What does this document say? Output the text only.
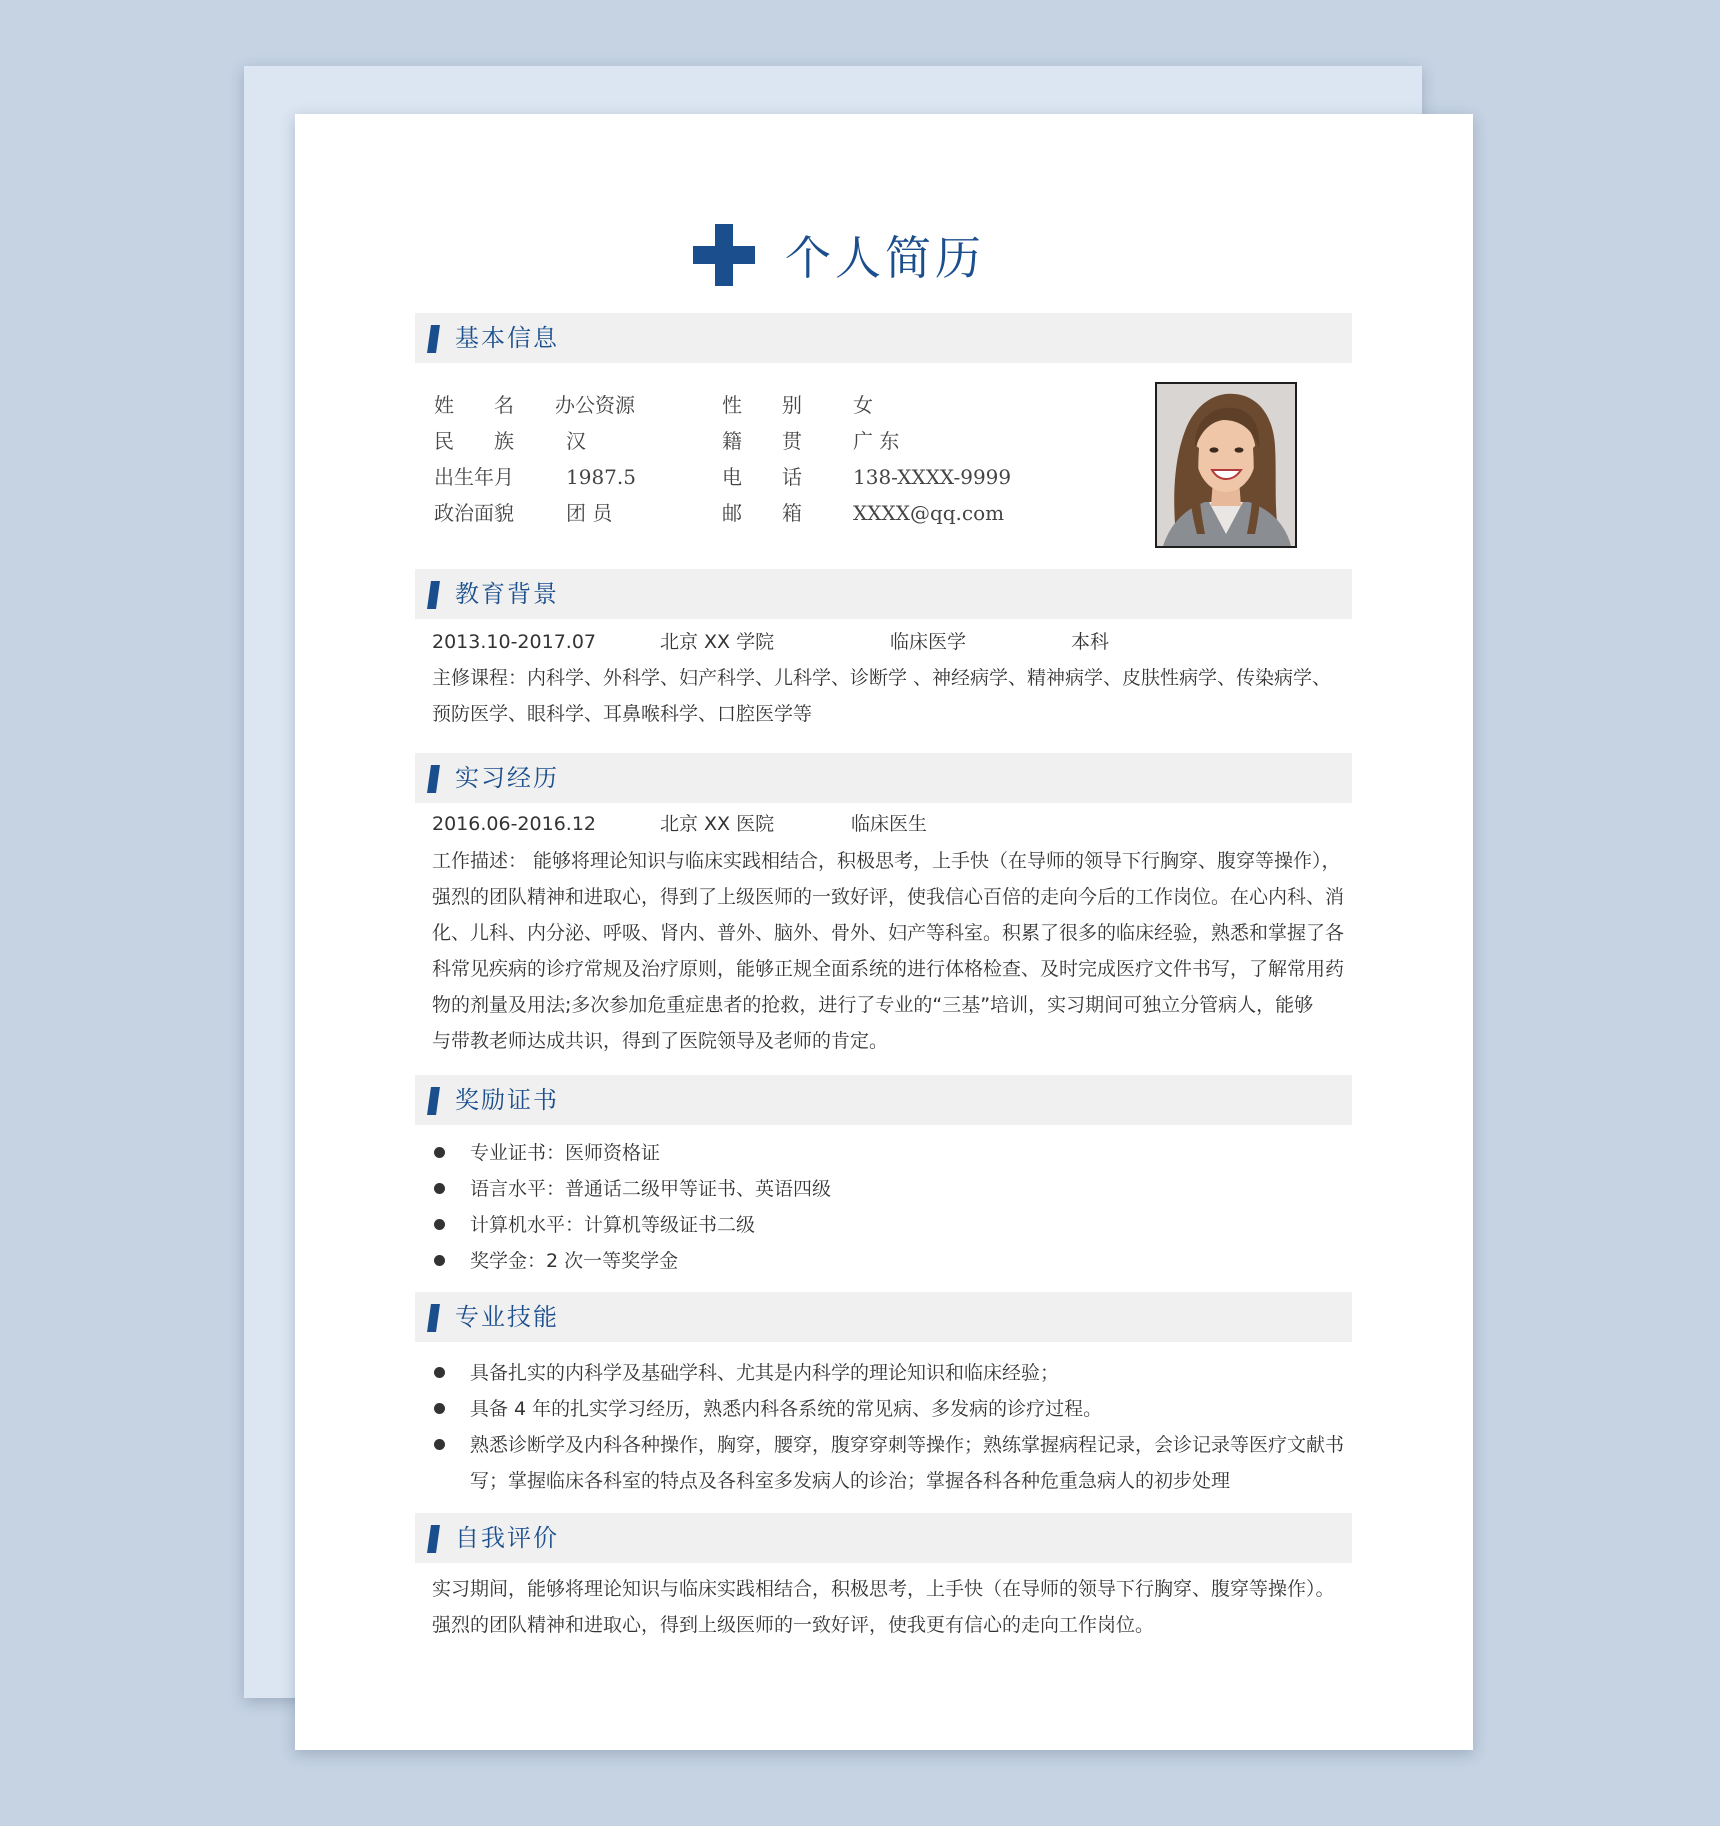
个人简历
基本信息
姓　　名 办公资源	性　　别	女
民　　族	汉	籍　　贯	广 东
出生年月	1987.5	电　　话	138-XXXX-9999
政治面貌	团 员	邮　　箱	XXXX@qq.com
教育背景
2013.10-2017.07	北京 XX 学院	临床医学	本科
主修课程：内科学、外科学、妇产科学、儿科学、诊断学 、神经病学、精神病学、皮肤性病学、传染病学、
预防医学、眼科学、耳鼻喉科学、口腔医学等
实习经历
2016.06-2016.12	北京 XX 医院	临床医生
工作描述： 能够将理论知识与临床实践相结合，积极思考，上手快（在导师的领导下行胸穿、腹穿等操作），
强烈的团队精神和进取心，得到了上级医师的一致好评，使我信心百倍的走向今后的工作岗位。在心内科、消
化、儿科、内分泌、呼吸、肾内、普外、脑外、骨外、妇产等科室。积累了很多的临床经验，熟悉和掌握了各
科常见疾病的诊疗常规及治疗原则，能够正规全面系统的进行体格检查、及时完成医疗文件书写，了解常用药
物的剂量及用法;多次参加危重症患者的抢救，进行了专业的“三基”培训，实习期间可独立分管病人，能够
与带教老师达成共识，得到了医院领导及老师的肯定。
奖励证书
专业证书：医师资格证
语言水平：普通话二级甲等证书、英语四级
计算机水平：计算机等级证书二级
奖学金：2 次一等奖学金
专业技能
具备扎实的内科学及基础学科、尤其是内科学的理论知识和临床经验；
具备 4 年的扎实学习经历，熟悉内科各系统的常见病、多发病的诊疗过程。
熟悉诊断学及内科各种操作，胸穿，腰穿，腹穿穿刺等操作；熟练掌握病程记录，会诊记录等医疗文献书
写；掌握临床各科室的特点及各科室多发病人的诊治；掌握各科各种危重急病人的初步处理
自我评价
实习期间，能够将理论知识与临床实践相结合，积极思考，上手快（在导师的领导下行胸穿、腹穿等操作）。
强烈的团队精神和进取心，得到上级医师的一致好评，使我更有信心的走向工作岗位。
